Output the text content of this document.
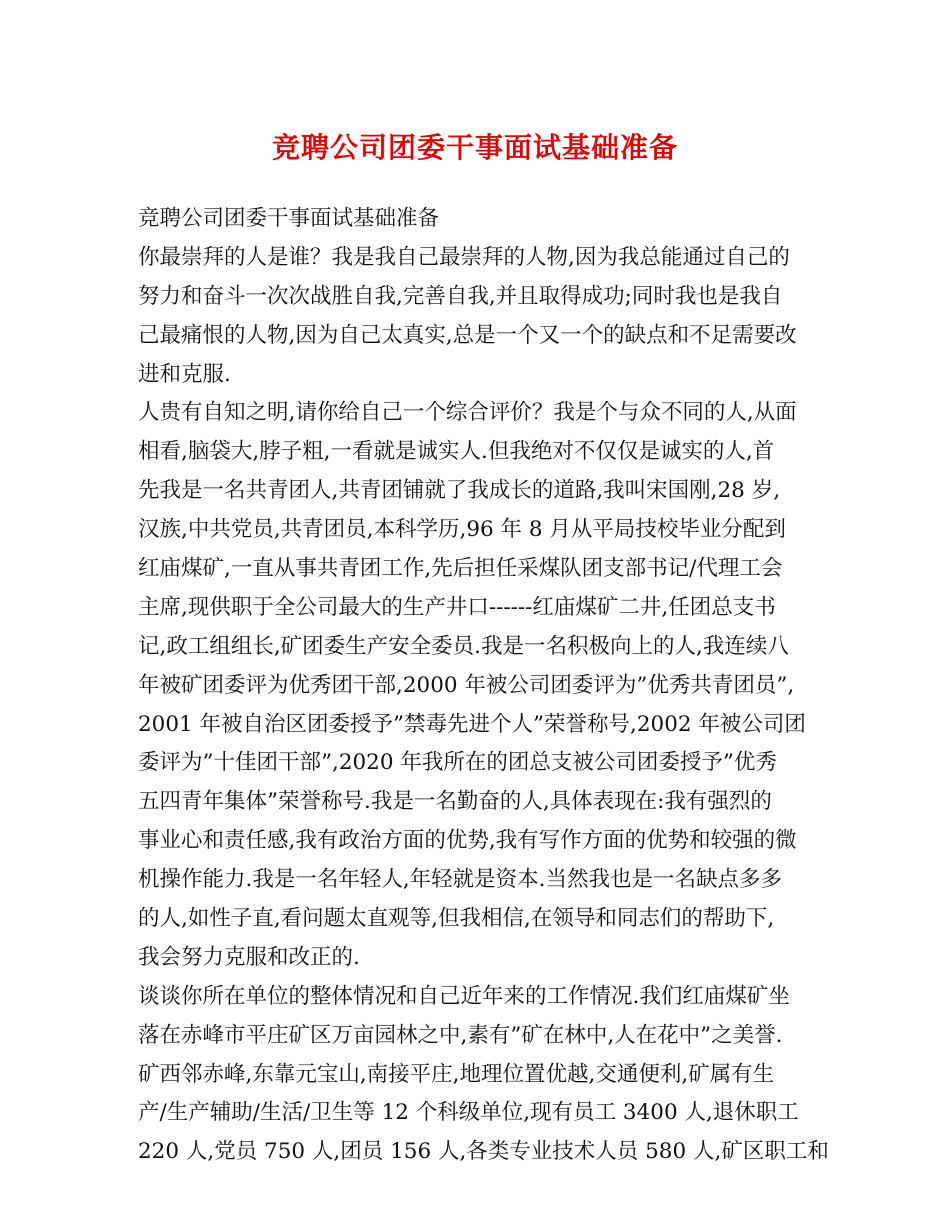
竞聘公司团委干事面试基础准备
竞聘公司团委干事面试基础准备
你最崇拜的人是谁？我是我自己最崇拜的人物,因为我总能通过自己的
努力和奋斗一次次战胜自我,完善自我,并且取得成功;同时我也是我自
己最痛恨的人物,因为自己太真实,总是一个又一个的缺点和不足需要改
进和克服.
人贵有自知之明,请你给自己一个综合评价？我是个与众不同的人,从面
相看,脑袋大,脖子粗,一看就是诚实人.但我绝对不仅仅是诚实的人,首
先我是一名共青团人,共青团铺就了我成长的道路,我叫宋国刚,28 岁,
汉族,中共党员,共青团员,本科学历,96 年 8 月从平局技校毕业分配到
红庙煤矿,一直从事共青团工作,先后担任采煤队团支部书记/代理工会
主席,现供职于全公司最大的生产井口------红庙煤矿二井,任团总支书
记,政工组组长,矿团委生产安全委员.我是一名积极向上的人,我连续八
年被矿团委评为优秀团干部,2000 年被公司团委评为”优秀共青团员”,
2001 年被自治区团委授予”禁毒先进个人”荣誉称号,2002 年被公司团
委评为”十佳团干部”,2020 年我所在的团总支被公司团委授予”优秀
五四青年集体”荣誉称号.我是一名勤奋的人,具体表现在:我有强烈的
事业心和责任感,我有政治方面的优势,我有写作方面的优势和较强的微
机操作能力.我是一名年轻人,年轻就是资本.当然我也是一名缺点多多
的人,如性子直,看问题太直观等,但我相信,在领导和同志们的帮助下,
我会努力克服和改正的.
谈谈你所在单位的整体情况和自己近年来的工作情况.我们红庙煤矿坐
落在赤峰市平庄矿区万亩园林之中,素有”矿在林中,人在花中”之美誉.
矿西邻赤峰,东靠元宝山,南接平庄,地理位置优越,交通便利,矿属有生
产/生产辅助/生活/卫生等 12 个科级单位,现有员工 3400 人,退休职工
220 人,党员 750 人,团员 156 人,各类专业技术人员 580 人,矿区职工和
